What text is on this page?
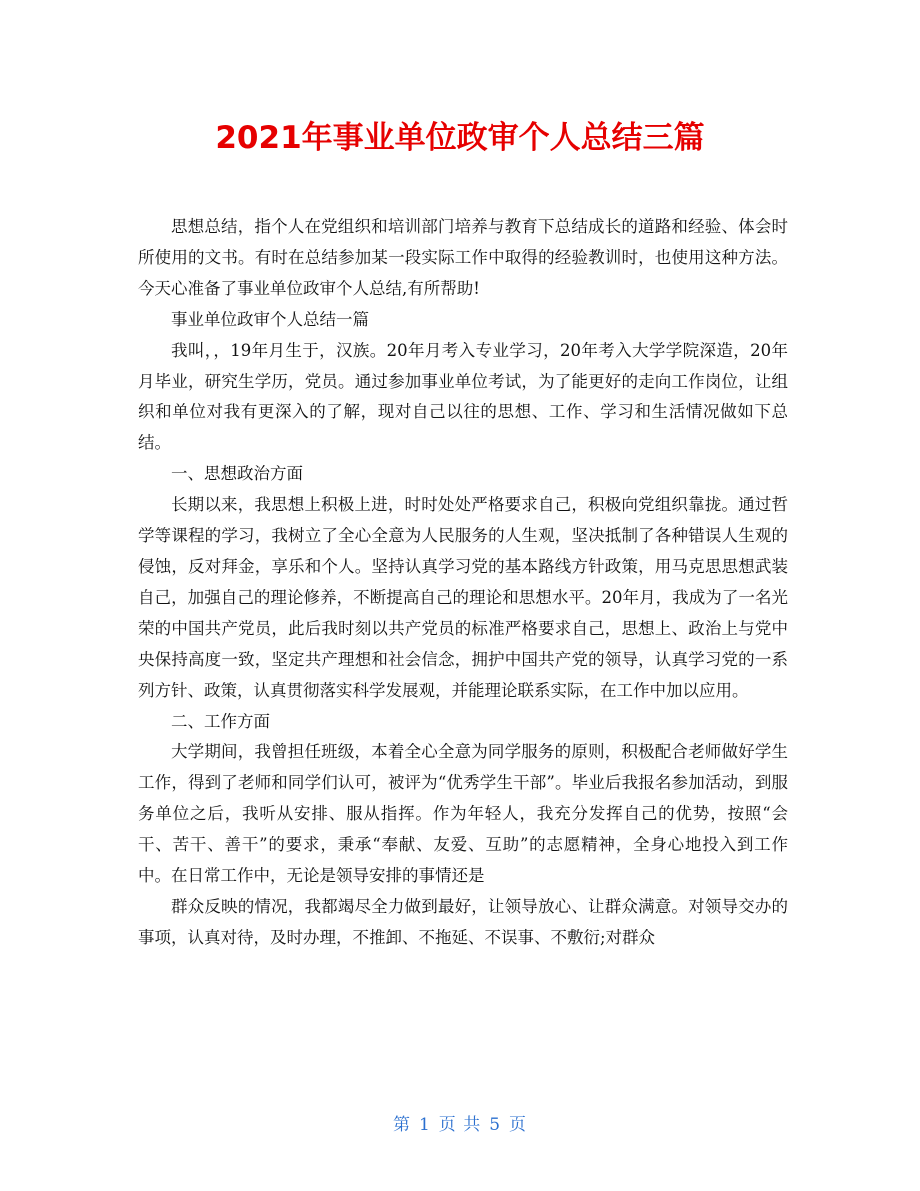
2021年事业单位政审个人总结三篇

思想总结，指个人在党组织和培训部门培养与教育下总结成长的道路和经验、体会时所使用的文书。有时在总结参加某一段实际工作中取得的经验教训时，也使用这种方法。今天心准备了事业单位政审个人总结,有所帮助!

事业单位政审个人总结一篇

我叫，，19年月生于，汉族。20年月考入专业学习，20年考入大学学院深造，20年月毕业，研究生学历，党员。通过参加事业单位考试，为了能更好的走向工作岗位，让组织和单位对我有更深入的了解，现对自己以往的思想、工作、学习和生活情况做如下总结。

一、思想政治方面

长期以来，我思想上积极上进，时时处处严格要求自己，积极向党组织靠拢。通过哲学等课程的学习，我树立了全心全意为人民服务的人生观，坚决抵制了各种错误人生观的侵蚀，反对拜金，享乐和个人。坚持认真学习党的基本路线方针政策，用马克思思想武装自己，加强自己的理论修养，不断提高自己的理论和思想水平。20年月，我成为了一名光荣的中国共产党员，此后我时刻以共产党员的标准严格要求自己，思想上、政治上与党中央保持高度一致，坚定共产理想和社会信念，拥护中国共产党的领导，认真学习党的一系列方针、政策，认真贯彻落实科学发展观，并能理论联系实际，在工作中加以应用。

二、工作方面

大学期间，我曾担任班级，本着全心全意为同学服务的原则，积极配合老师做好学生工作，得到了老师和同学们认可，被评为“优秀学生干部”。毕业后我报名参加活动，到服务单位之后，我听从安排、服从指挥。作为年轻人，我充分发挥自己的优势，按照“会干、苦干、善干”的要求，秉承“奉献、友爱、互助”的志愿精神，全身心地投入到工作中。在日常工作中，无论是领导安排的事情还是

群众反映的情况，我都竭尽全力做到最好，让领导放心、让群众满意。对领导交办的事项，认真对待，及时办理，不推卸、不拖延、不误事、不敷衍;对群众

第 1 页 共 5 页
